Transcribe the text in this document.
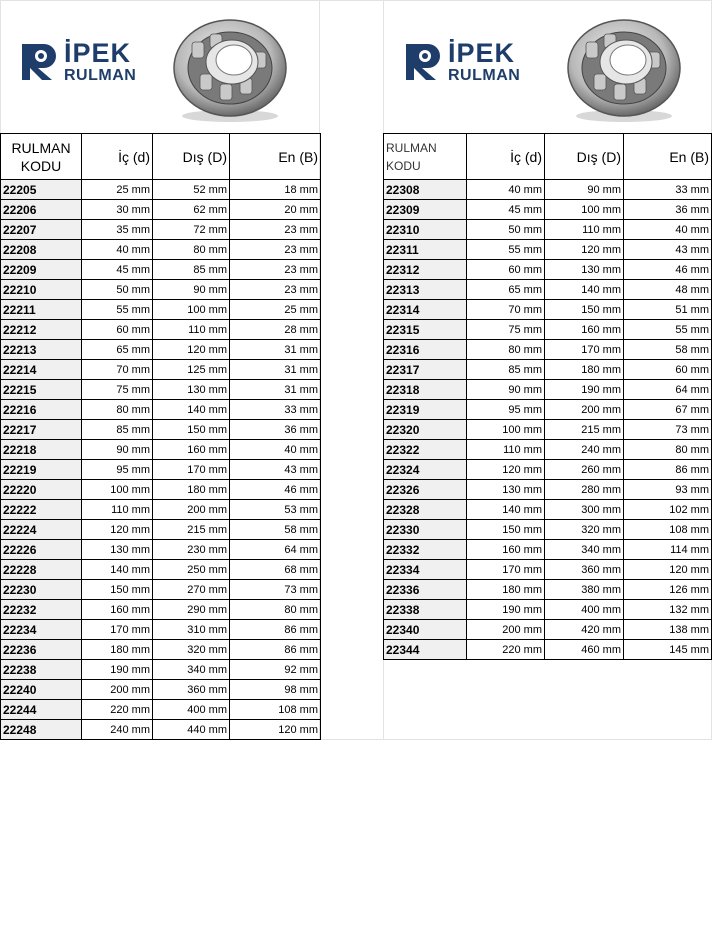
İPEK
RULMAN
İPEK
RULMAN
RULMAN KODU	İç (d)	Dış (D)	En (B)
22205	25 mm	52 mm	18 mm
22206	30 mm	62 mm	20 mm
22207	35 mm	72 mm	23 mm
22208	40 mm	80 mm	23 mm
22209	45 mm	85 mm	23 mm
22210	50 mm	90 mm	23 mm
22211	55 mm	100 mm	25 mm
22212	60 mm	110 mm	28 mm
22213	65 mm	120 mm	31 mm
22214	70 mm	125 mm	31 mm
22215	75 mm	130 mm	31 mm
22216	80 mm	140 mm	33 mm
22217	85 mm	150 mm	36 mm
22218	90 mm	160 mm	40 mm
22219	95 mm	170 mm	43 mm
22220	100 mm	180 mm	46 mm
22222	110 mm	200 mm	53 mm
22224	120 mm	215 mm	58 mm
22226	130 mm	230 mm	64 mm
22228	140 mm	250 mm	68 mm
22230	150 mm	270 mm	73 mm
22232	160 mm	290 mm	80 mm
22234	170 mm	310 mm	86 mm
22236	180 mm	320 mm	86 mm
22238	190 mm	340 mm	92 mm
22240	200 mm	360 mm	98 mm
22244	220 mm	400 mm	108 mm
22248	240 mm	440 mm	120 mm
RULMAN KODU	İç (d)	Dış (D)	En (B)
22308	40 mm	90 mm	33 mm
22309	45 mm	100 mm	36 mm
22310	50 mm	110 mm	40 mm
22311	55 mm	120 mm	43 mm
22312	60 mm	130 mm	46 mm
22313	65 mm	140 mm	48 mm
22314	70 mm	150 mm	51 mm
22315	75 mm	160 mm	55 mm
22316	80 mm	170 mm	58 mm
22317	85 mm	180 mm	60 mm
22318	90 mm	190 mm	64 mm
22319	95 mm	200 mm	67 mm
22320	100 mm	215 mm	73 mm
22322	110 mm	240 mm	80 mm
22324	120 mm	260 mm	86 mm
22326	130 mm	280 mm	93 mm
22328	140 mm	300 mm	102 mm
22330	150 mm	320 mm	108 mm
22332	160 mm	340 mm	114 mm
22334	170 mm	360 mm	120 mm
22336	180 mm	380 mm	126 mm
22338	190 mm	400 mm	132 mm
22340	200 mm	420 mm	138 mm
22344	220 mm	460 mm	145 mm
